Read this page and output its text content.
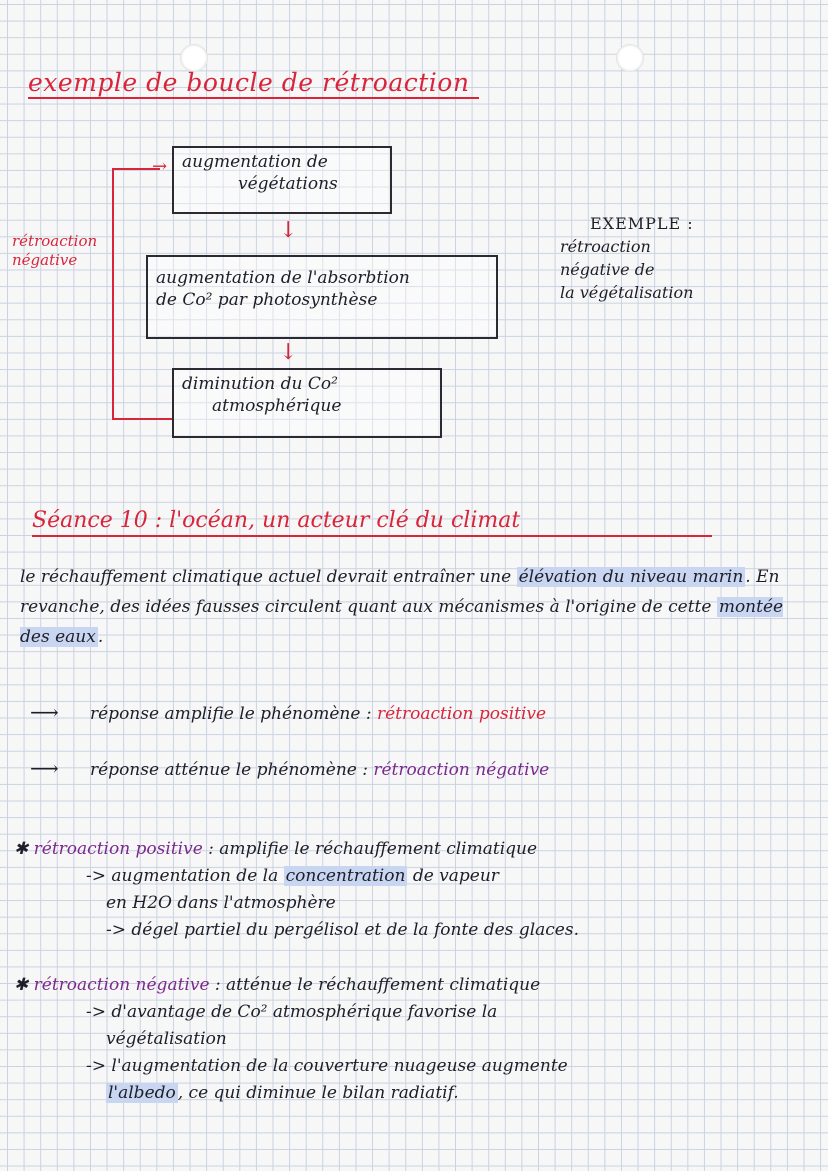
exemple de boucle de rétroaction
→
rétroaction
négative
augmentation de
végétations
↓
augmentation de l'absorbtion
de Co² par photosynthèse
↓
diminution du Co²
atmosphérique
EXEMPLE :
rétroaction
négative de
la végétalisation
Séance 10 : l'océan, un acteur clé du climat
le réchauffement climatique actuel devrait entraîner une élévation du niveau marin . En revanche, des idées fausses circulent quant aux mécanismes à l'origine de cette montée des eaux .
⟶ réponse amplifie le phénomène : rétroaction positive
⟶ réponse atténue le phénomène : rétroaction négative
✱ rétroaction positive : amplifie le réchauffement climatique
-> augmentation de la concentration de vapeur
en H2O dans l'atmosphère
-> dégel partiel du pergélisol et de la fonte des glaces.
✱ rétroaction négative : atténue le réchauffement climatique
-> d'avantage de Co² atmosphérique favorise la
végétalisation
-> l'augmentation de la couverture nuageuse augmente
l'albedo , ce qui diminue le bilan radiatif.
